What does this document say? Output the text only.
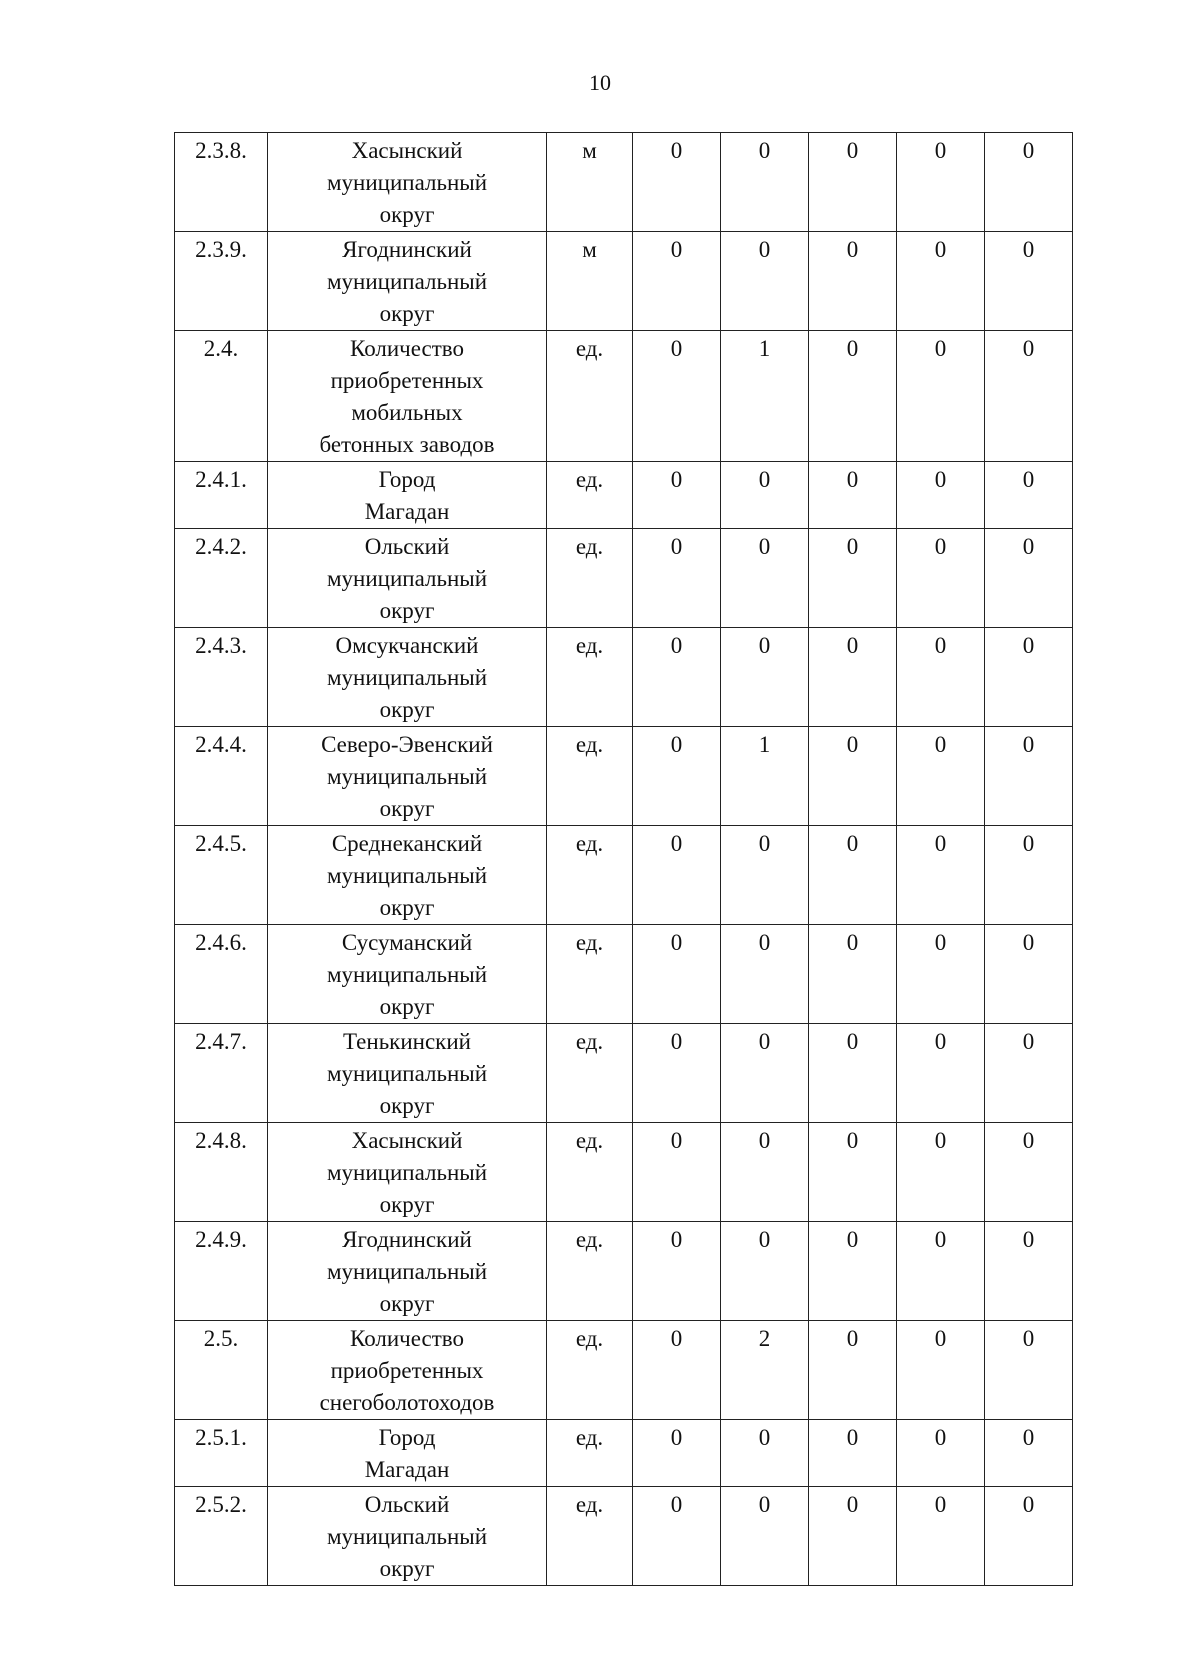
10
2.3.8.	Хасынский
муниципальный
округ	м	0	0	0	0	0
2.3.9.	Ягоднинский
муниципальный
округ	м	0	0	0	0	0
2.4.	Количество
приобретенных
мобильных
бетонных заводов	ед.	0	1	0	0	0
2.4.1.	Город
Магадан	ед.	0	0	0	0	0
2.4.2.	Ольский
муниципальный
округ	ед.	0	0	0	0	0
2.4.3.	Омсукчанский
муниципальный
округ	ед.	0	0	0	0	0
2.4.4.	Северо-Эвенский
муниципальный
округ	ед.	0	1	0	0	0
2.4.5.	Среднеканский
муниципальный
округ	ед.	0	0	0	0	0
2.4.6.	Сусуманский
муниципальный
округ	ед.	0	0	0	0	0
2.4.7.	Тенькинский
муниципальный
округ	ед.	0	0	0	0	0
2.4.8.	Хасынский
муниципальный
округ	ед.	0	0	0	0	0
2.4.9.	Ягоднинский
муниципальный
округ	ед.	0	0	0	0	0
2.5.	Количество
приобретенных
снегоболотоходов	ед.	0	2	0	0	0
2.5.1.	Город
Магадан	ед.	0	0	0	0	0
2.5.2.	Ольский
муниципальный
округ	ед.	0	0	0	0	0
